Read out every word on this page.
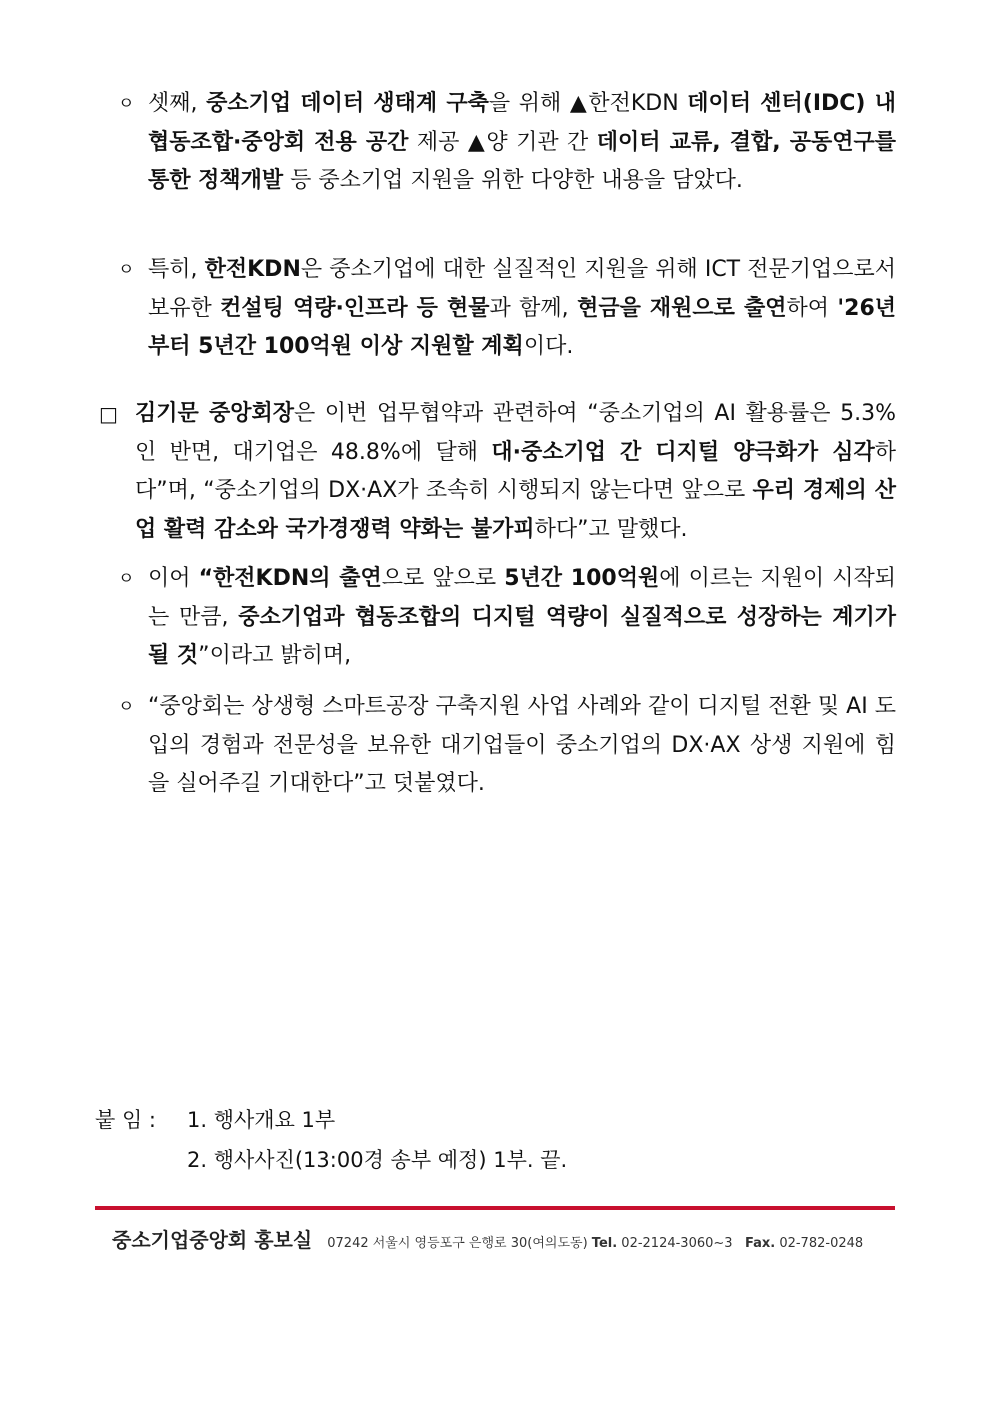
ㅇ 셋째, 중소기업 데이터 생태계 구축을 위해 ▲한전KDN 데이터 센터(IDC) 내 협동조합·중앙회 전용 공간 제공 ▲양 기관 간 데이터 교류, 결합, 공동연구를 통한 정책개발 등 중소기업 지원을 위한 다양한 내용을 담았다.
ㅇ 특히, 한전KDN은 중소기업에 대한 실질적인 지원을 위해 ICT 전문기업으로서 보유한 컨설팅 역량·인프라 등 현물과 함께, 현금을 재원으로 출연하여 '26년부터 5년간 100억원 이상 지원할 계획이다.
□ 김기문 중앙회장은 이번 업무협약과 관련하여 “중소기업의 AI 활용률은 5.3%인 반면, 대기업은 48.8%에 달해 대·중소기업 간 디지털 양극화가 심각하다”며, “중소기업의 DX·AX가 조속히 시행되지 않는다면 앞으로 우리 경제의 산업 활력 감소와 국가경쟁력 약화는 불가피하다”고 말했다.
ㅇ 이어 “한전KDN의 출연으로 앞으로 5년간 100억원에 이르는 지원이 시작되는 만큼, 중소기업과 협동조합의 디지털 역량이 실질적으로 성장하는 계기가 될 것”이라고 밝히며,
ㅇ “중앙회는 상생형 스마트공장 구축지원 사업 사례와 같이 디지털 전환 및 AI 도입의 경험과 전문성을 보유한 대기업들이 중소기업의 DX·AX 상생 지원에 힘을 실어주길 기대한다”고 덧붙였다.
붙 임 : 1. 행사개요 1부
2. 행사사진(13:00경 송부 예정) 1부. 끝.
중소기업중앙회 홍보실 07242 서울시 영등포구 은행로 30(여의도동) Tel. 02-2124-3060~3 Fax. 02-782-0248
